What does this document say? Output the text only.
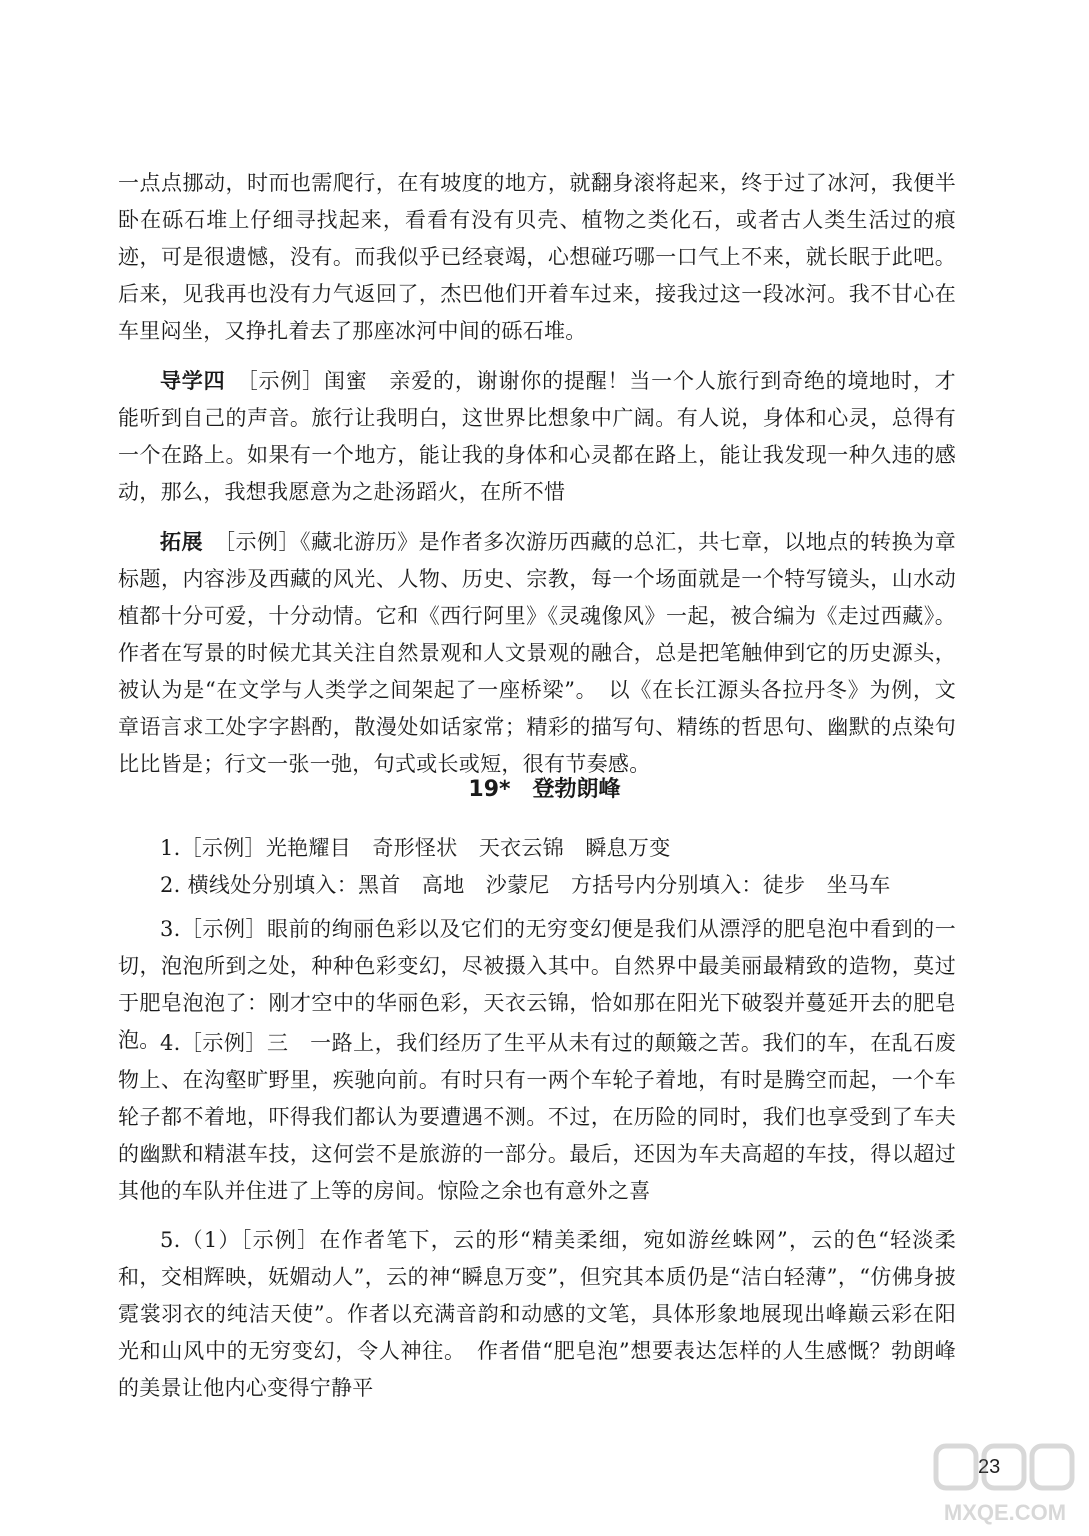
一点点挪动，时而也需爬行，在有坡度的地方，就翻身滚将起来，终于过了冰河，我便半卧在砾石堆上仔细寻找起来，看看有没有贝壳、植物之类化石，或者古人类生活过的痕迹，可是很遗憾，没有。而我似乎已经衰竭，心想碰巧哪一口气上不来，就长眠于此吧。后来，见我再也没有力气返回了，杰巴他们开着车过来，接我过这一段冰河。我不甘心在车里闷坐，又挣扎着去了那座冰河中间的砾石堆。

导学四　 ［示例］闺蜜　亲爱的，谢谢你的提醒！当一个人旅行到奇绝的境地时，才能听到自己的声音。旅行让我明白，这世界比想象中广阔。有人说，身体和心灵，总得有一个在路上。如果有一个地方，能让我的身体和心灵都在路上，能让我发现一种久违的感动，那么，我想我愿意为之赴汤蹈火，在所不惜

拓展　 ［示例］《藏北游历》是作者多次游历西藏的总汇，共七章，以地点的转换为章标题，内容涉及西藏的风光、人物、历史、宗教，每一个场面就是一个特写镜头，山水动植都十分可爱，十分动情。它和《西行阿里》《灵魂像风》一起，被合编为《走过西藏》。作者在写景的时候尤其关注自然景观和人文景观的融合，总是把笔触伸到它的历史源头，被认为是“在文学与人类学之间架起了一座桥梁”。　以《在长江源头各拉丹冬》为例，文章语言求工处字字斟酌，散漫处如话家常；精彩的描写句、精练的哲思句、幽默的点染句比比皆是；行文一张一弛，句式或长或短，很有节奏感。

19* 登勃朗峰

1.［示例］光艳耀目　奇形怪状　天衣云锦　瞬息万变

2. 横线处分别填入：黑首　高地　沙蒙尼　方括号内分别填入：徒步　坐马车

3.［示例］眼前的绚丽色彩以及它们的无穷变幻便是我们从漂浮的肥皂泡中看到的一切，泡泡所到之处，种种色彩变幻，尽被摄入其中。自然界中最美丽最精致的造物，莫过于肥皂泡泡了：刚才空中的华丽色彩，天衣云锦，恰如那在阳光下破裂并蔓延开去的肥皂泡。 4.［示例］三　一路上，我们经历了生平从未有过的颠簸之苦。我们的车，在乱石废物上、在沟壑旷野里，疾驰向前。有时只有一两个车轮子着地，有时是腾空而起，一个车轮子都不着地，吓得我们都认为要遭遇不测。不过，在历险的同时，我们也享受到了车夫的幽默和精湛车技，这何尝不是旅游的一部分。最后，还因为车夫高超的车技，得以超过其他的车队并住进了上等的房间。惊险之余也有意外之喜

5.（1）［示例］在作者笔下，云的形“精美柔细，宛如游丝蛛网”，云的色“轻淡柔和，交相辉映，妩媚动人”，云的神“瞬息万变”，但究其本质仍是“洁白轻薄”，“仿佛身披霓裳羽衣的纯洁天使”。作者以充满音韵和动感的文笔，具体形象地展现出峰巅云彩在阳光和山风中的无穷变幻，令人神往。　作者借“肥皂泡”想要表达怎样的人生感慨？勃朗峰的美景让他内心变得宁静平

23
MXQE.COM
